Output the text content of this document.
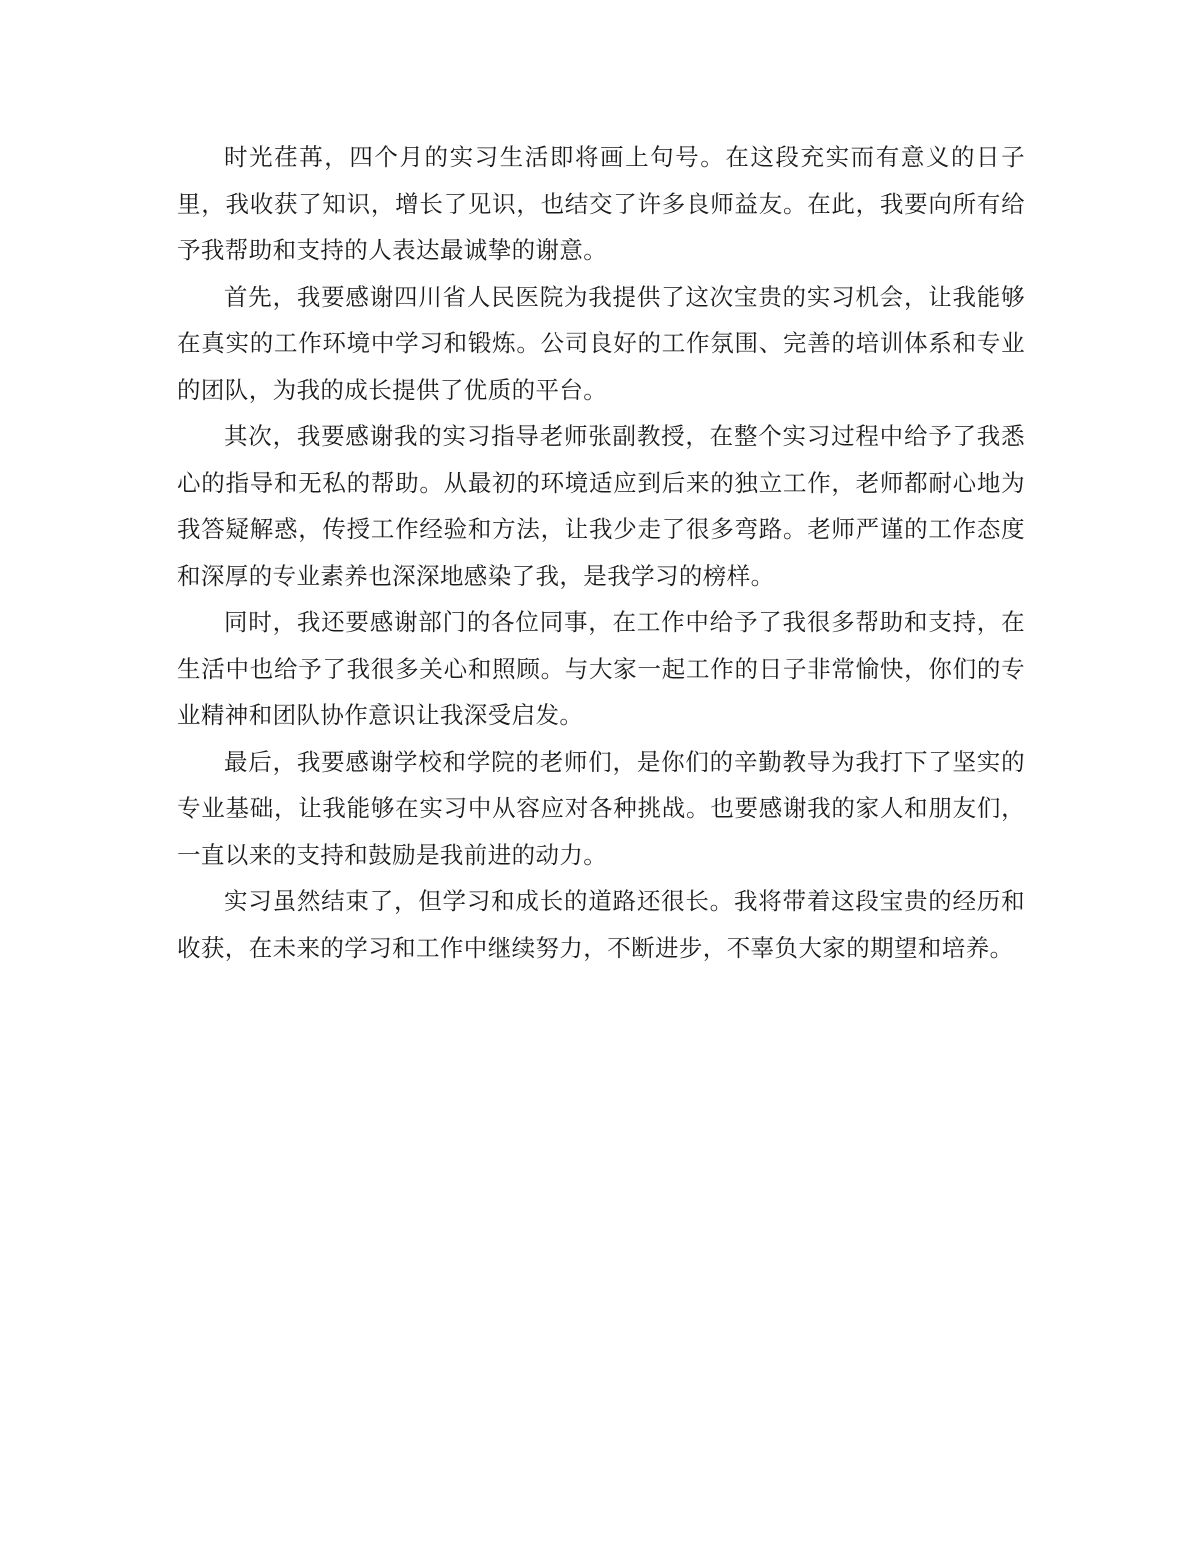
时光荏苒，四个月的实习生活即将画上句号。在这段充实而有意义的日子里，我收获了知识，增长了见识，也结交了许多良师益友。在此，我要向所有给予我帮助和支持的人表达最诚挚的谢意。

首先，我要感谢四川省人民医院为我提供了这次宝贵的实习机会，让我能够在真实的工作环境中学习和锻炼。公司良好的工作氛围、完善的培训体系和专业的团队，为我的成长提供了优质的平台。

其次，我要感谢我的实习指导老师张副教授，在整个实习过程中给予了我悉心的指导和无私的帮助。从最初的环境适应到后来的独立工作，老师都耐心地为我答疑解惑，传授工作经验和方法，让我少走了很多弯路。老师严谨的工作态度和深厚的专业素养也深深地感染了我，是我学习的榜样。

同时，我还要感谢部门的各位同事，在工作中给予了我很多帮助和支持，在生活中也给予了我很多关心和照顾。与大家一起工作的日子非常愉快，你们的专业精神和团队协作意识让我深受启发。

最后，我要感谢学校和学院的老师们，是你们的辛勤教导为我打下了坚实的专业基础，让我能够在实习中从容应对各种挑战。也要感谢我的家人和朋友们，一直以来的支持和鼓励是我前进的动力。

实习虽然结束了，但学习和成长的道路还很长。我将带着这段宝贵的经历和收获，在未来的学习和工作中继续努力，不断进步，不辜负大家的期望和培养。
